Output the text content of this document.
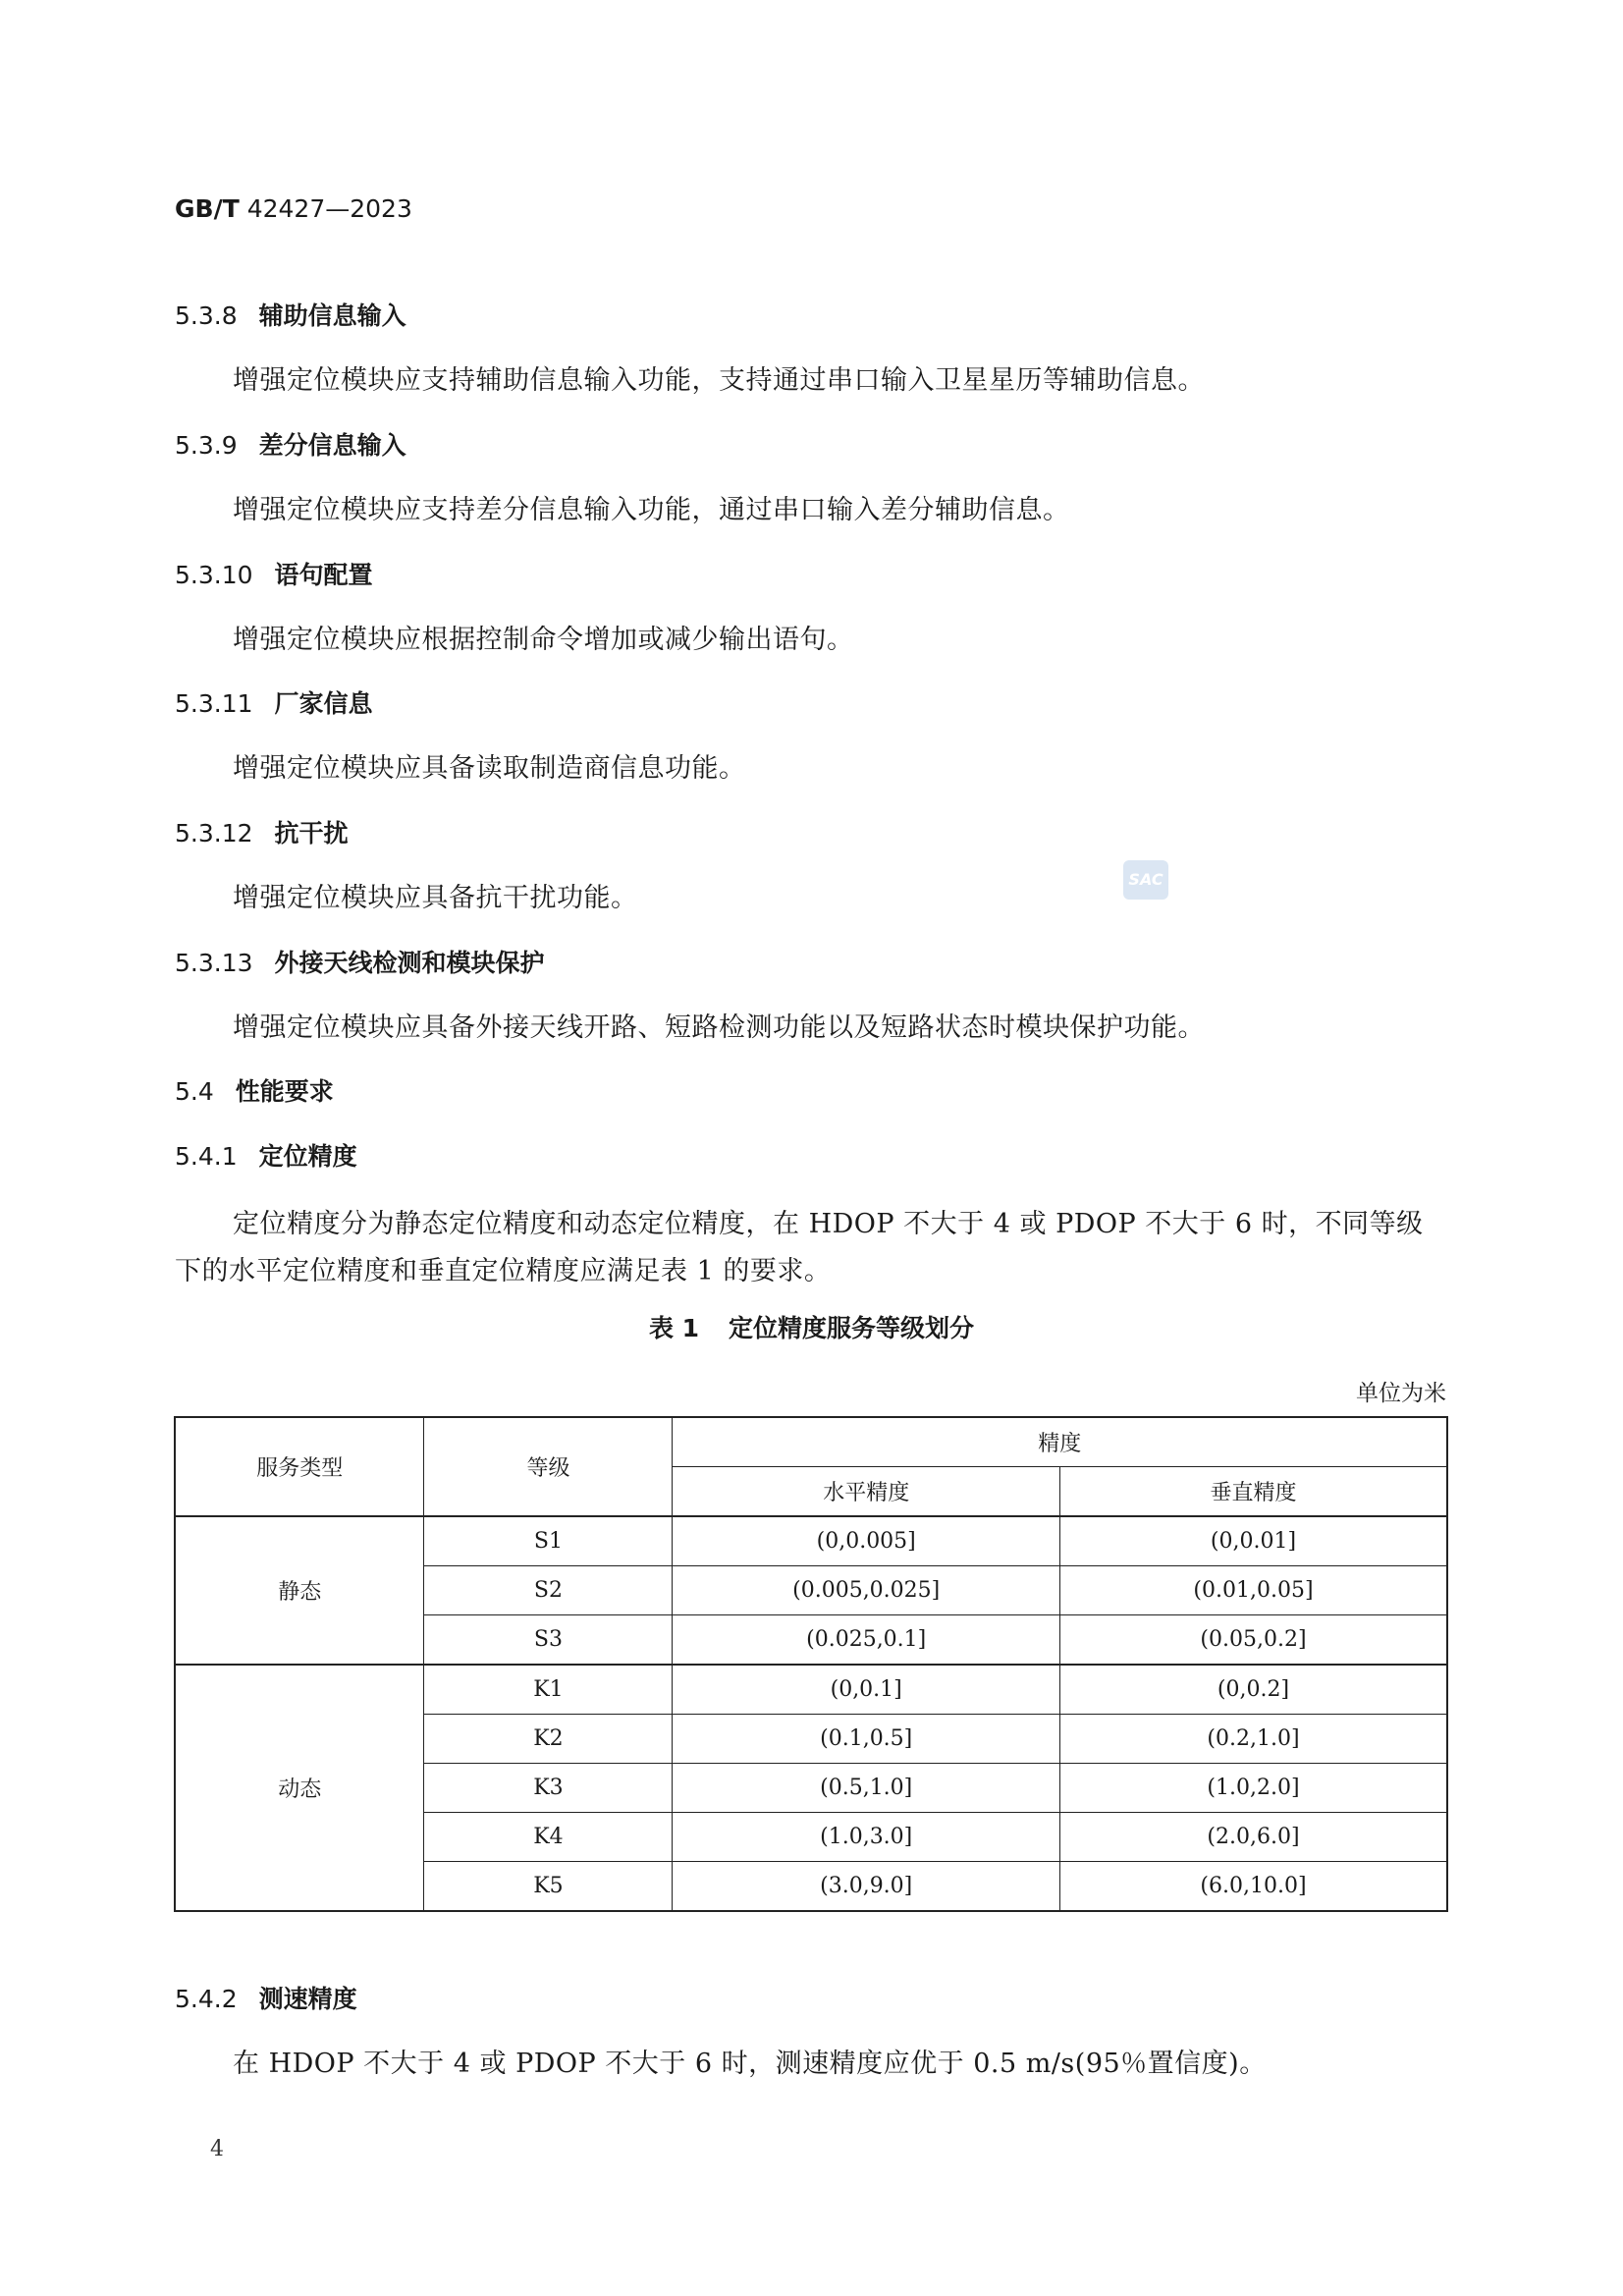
GB/T 42427—2023
5.3.8 辅助信息输入
增强定位模块应支持辅助信息输入功能，支持通过串口输入卫星星历等辅助信息。
5.3.9 差分信息输入
增强定位模块应支持差分信息输入功能，通过串口输入差分辅助信息。
5.3.10 语句配置
增强定位模块应根据控制命令增加或减少输出语句。
5.3.11 厂家信息
增强定位模块应具备读取制造商信息功能。
5.3.12 抗干扰
增强定位模块应具备抗干扰功能。
SAC
5.3.13 外接天线检测和模块保护
增强定位模块应具备外接天线开路、短路检测功能以及短路状态时模块保护功能。
5.4 性能要求
5.4.1 定位精度
定位精度分为静态定位精度和动态定位精度，在 HDOP 不大于 4 或 PDOP 不大于 6 时，不同等级
下的水平定位精度和垂直定位精度应满足表 1 的要求。
表 1 定位精度服务等级划分
单位为米
服务类型	等级	精度	
		水平精度	垂直精度
静态	S1	(0,0.005]	(0,0.01]
	S2	(0.005,0.025]	(0.01,0.05]
	S3	(0.025,0.1]	(0.05,0.2]
动态	K1	(0,0.1]	(0,0.2]
	K2	(0.1,0.5]	(0.2,1.0]
	K3	(0.5,1.0]	(1.0,2.0]
	K4	(1.0,3.0]	(2.0,6.0]
	K5	(3.0,9.0]	(6.0,10.0]
5.4.2 测速精度
在 HDOP 不大于 4 或 PDOP 不大于 6 时，测速精度应优于 0.5 m/s(95％置信度)。
4
